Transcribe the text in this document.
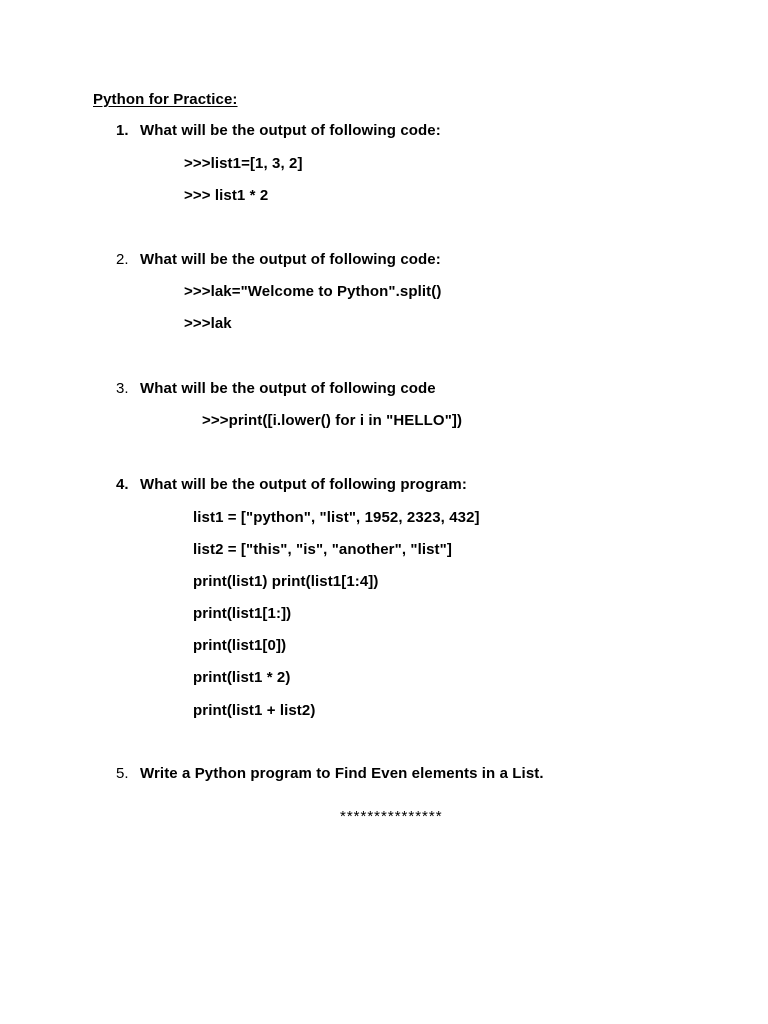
Python for Practice:
1. What will be the output of following code:
>>>list1=[1, 3, 2]
>>> list1 * 2
2. What will be the output of following code:
>>>lak="Welcome to Python".split()
>>>lak
3. What will be the output of following code
>>>print([i.lower() for i in "HELLO"])
4. What will be the output of following program:
list1 = ["python", "list", 1952, 2323, 432]
list2 = ["this", "is", "another", "list"]
print(list1) print(list1[1:4])
print(list1[1:])
print(list1[0])
print(list1 * 2)
print(list1 + list2)
5. Write a Python program to Find Even elements in a List.
***************
